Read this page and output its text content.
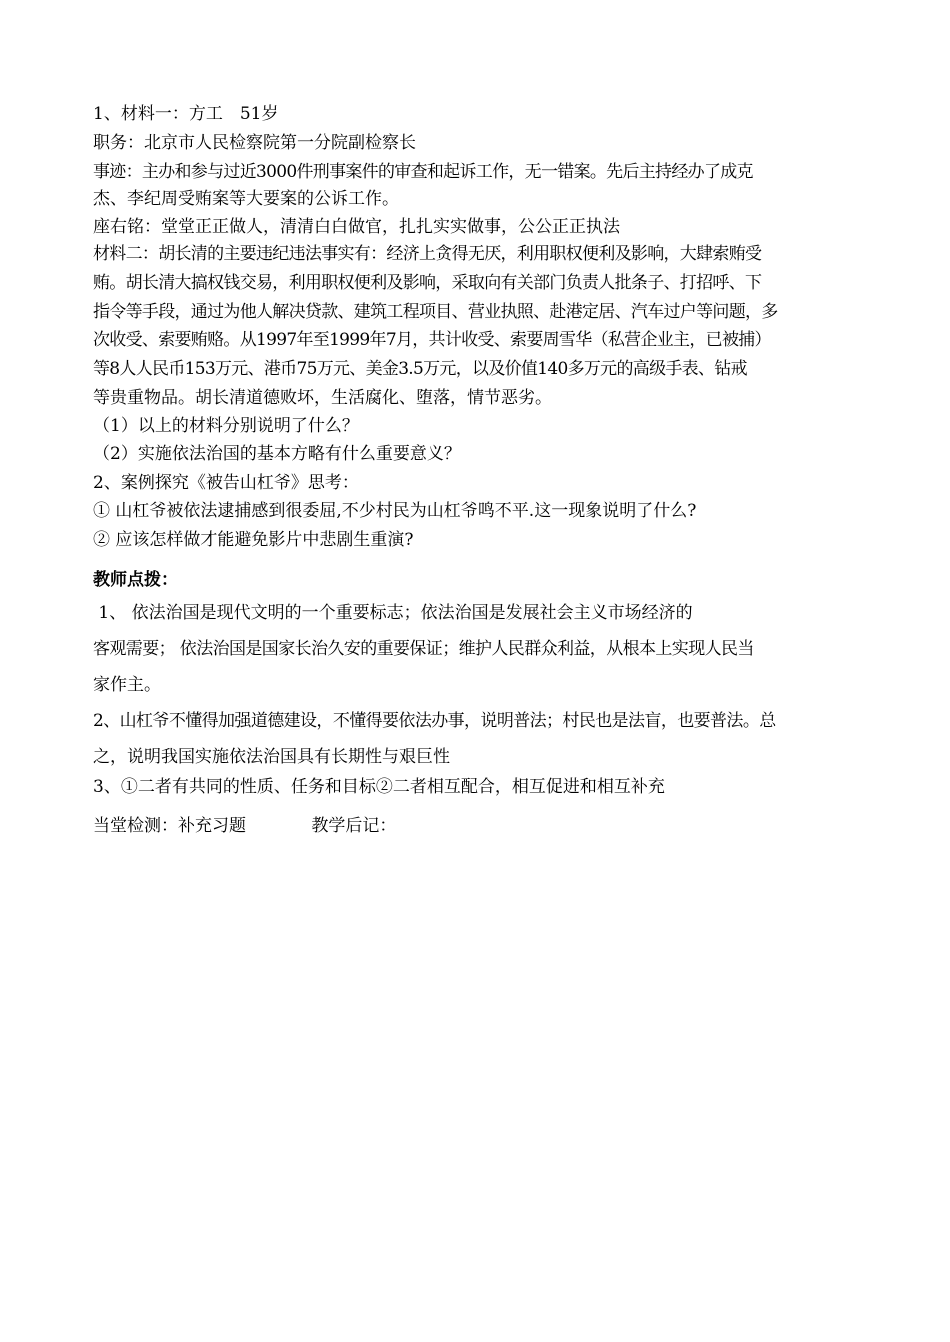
1、材料一：方工　51岁
职务：北京市人民检察院第一分院副检察长
事迹：主办和参与过近3000件刑事案件的审查和起诉工作，无一错案。先后主持经办了成克
杰、李纪周受贿案等大要案的公诉工作。
座右铭：堂堂正正做人，清清白白做官，扎扎实实做事，公公正正执法
材料二：胡长清的主要违纪违法事实有：经济上贪得无厌，利用职权便利及影响，大肆索贿受
贿。胡长清大搞权钱交易，利用职权便利及影响，采取向有关部门负责人批条子、打招呼、下
指令等手段，通过为他人解决贷款、建筑工程项目、营业执照、赴港定居、汽车过户等问题，多
次收受、索要贿赂。从1997年至1999年7月，共计收受、索要周雪华（私营企业主，已被捕）
等8人人民币153万元、港币75万元、美金3.5万元，以及价值140多万元的高级手表、钻戒
等贵重物品。胡长清道德败坏，生活腐化、堕落，情节恶劣。
（1）以上的材料分别说明了什么？
（2）实施依法治国的基本方略有什么重要意义？
2、案例探究《被告山杠爷》思考：
① 山杠爷被依法逮捕感到很委屈,不少村民为山杠爷鸣不平.这一现象说明了什么?
② 应该怎样做才能避免影片中悲剧生重演?
教师点拨：
1、 依法治国是现代文明的一个重要标志；依法治国是发展社会主义市场经济的
客观需要； 依法治国是国家长治久安的重要保证；维护人民群众利益，从根本上实现人民当
家作主。
2、山杠爷不懂得加强道德建设，不懂得要依法办事，说明普法；村民也是法盲，也要普法。总
之，说明我国实施依法治国具有长期性与艰巨性
3、①二者有共同的性质、任务和目标②二者相互配合，相互促进和相互补充
当堂检测：补充习题	教学后记：
